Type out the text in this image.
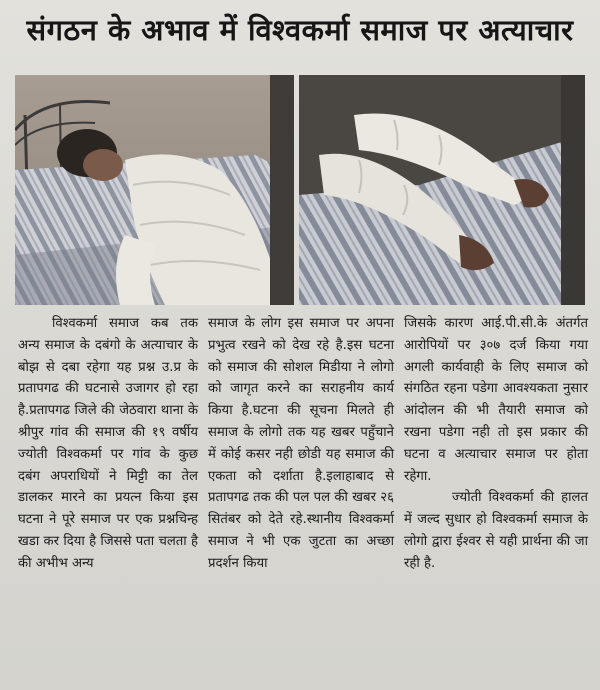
संगठन के अभाव में विश्वकर्मा समाज पर अत्याचार

विश्वकर्मा समाज कब तक अन्य समाज के दबंगो के अत्याचार के बोझ से दबा रहेगा यह प्रश्न उ.प्र के प्रतापगढ की घटनासे उजागर हो रहा है.प्रतापगढ जिले की जेठवारा थाना के श्रीपुर गांव की समाज की १९ वर्षीय ज्योती विश्वकर्मा पर गांव के कुछ दबंग अपराधियों ने मिट्टी का तेल डालकर मारने का प्रयत्न किया इस घटना ने पूरे समाज पर एक प्रश्नचिन्ह खडा कर दिया है जिससे पता चलता है की अभीभ अन्य

समाज के लोग इस समाज पर अपना प्रभुत्व रखने को देख रहे है.इस घटना को समाज की सोशल मिडीया ने लोगो को जागृत करने का सराहनीय कार्य किया है.घटना की सूचना मिलते ही समाज के लोगो तक यह खबर पहुँचाने में कोई कसर नही छोडी यह समाज की एकता को दर्शाता है.इलाहाबाद से प्रतापगढ तक की पल पल की खबर २६ सितंबर को देते रहे.स्थानीय विश्वकर्मा समाज ने भी एक जुटता का अच्छा प्रदर्शन किया

जिसके कारण आई.पी.सी.के अंतर्गत आरोपियों पर ३०७ दर्ज किया गया अगली कार्यवाही के लिए समाज को संगठित रहना पडेगा आवश्यकता नुसार आंदोलन की भी तैयारी समाज को रखना पडेगा नही तो इस प्रकार की घटना व अत्याचार समाज पर होता रहेगा.

ज्योती विश्वकर्मा की हालत में जल्द सुधार हो विश्वकर्मा समाज के लोगो द्वारा ईश्वर से यही प्रार्थना की जा रही है.
